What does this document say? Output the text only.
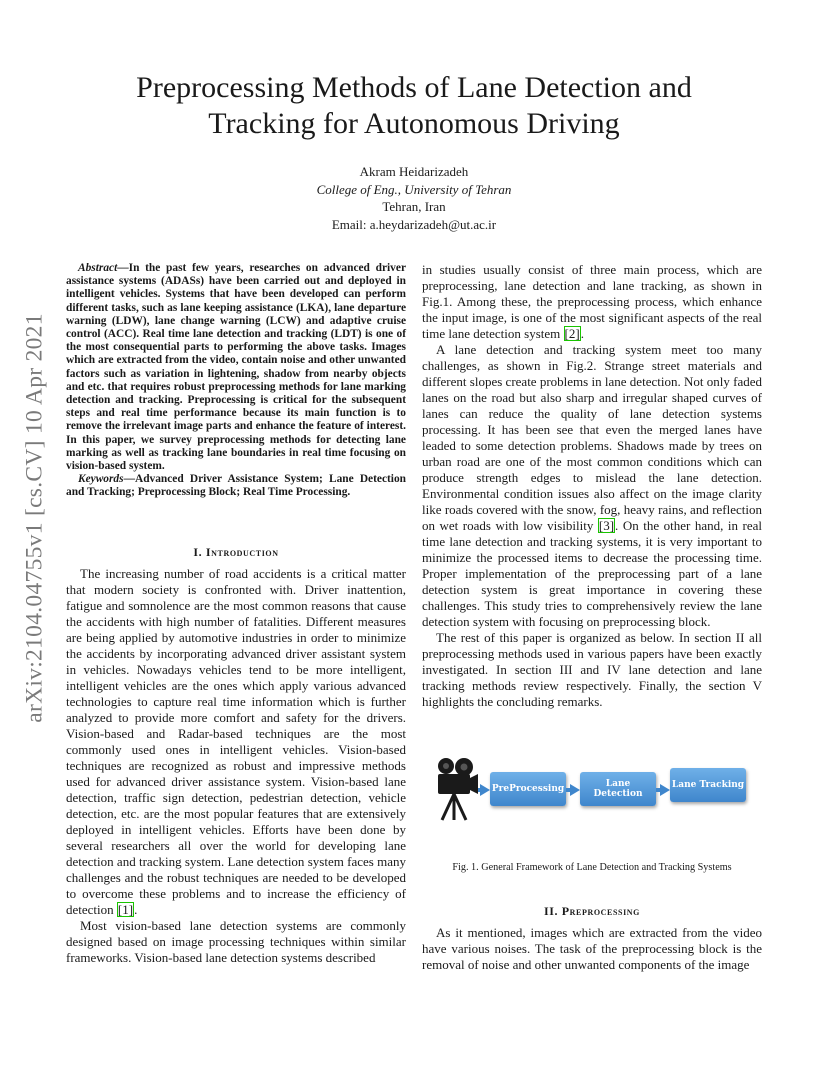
arXiv:2104.04755v1 [cs.CV] 10 Apr 2021
Preprocessing Methods of Lane Detection and Tracking for Autonomous Driving
Akram Heidarizadeh
College of Eng., University of Tehran
Tehran, Iran
Email: a.heydarizadeh@ut.ac.ir

Abstract—In the past few years, researches on advanced driver assistance systems (ADASs) have been carried out and deployed in intelligent vehicles. Systems that have been developed can perform different tasks, such as lane keeping assistance (LKA), lane departure warning (LDW), lane change warning (LCW) and adaptive cruise control (ACC). Real time lane detection and tracking (LDT) is one of the most consequential parts to performing the above tasks. Images which are extracted from the video, contain noise and other unwanted factors such as variation in lightening, shadow from nearby objects and etc. that requires robust preprocessing methods for lane marking detection and tracking. Preprocessing is critical for the subsequent steps and real time performance because its main function is to remove the irrelevant image parts and enhance the feature of interest. In this paper, we survey preprocessing methods for detecting lane marking as well as tracking lane boundaries in real time focusing on vision-based system.

Keywords—Advanced Driver Assistance System; Lane Detection and Tracking; Preprocessing Block; Real Time Processing.

I. Introduction

The increasing number of road accidents is a critical matter that modern society is confronted with. Driver inattention, fatigue and somnolence are the most common reasons that cause the accidents with high number of fatalities. Different measures are being applied by automotive industries in order to minimize the accidents by incorporating advanced driver assistant system in vehicles. Nowadays vehicles tend to be more intelligent, intelligent vehicles are the ones which apply various advanced technologies to capture real time information which is further analyzed to provide more comfort and safety for the drivers. Vision-based and Radar-based techniques are the most commonly used ones in intelligent vehicles. Vision-based techniques are recognized as robust and impressive methods used for advanced driver assistance system. Vision-based lane detection, traffic sign detection, pedestrian detection, vehicle detection, etc. are the most popular features that are extensively deployed in intelligent vehicles. Efforts have been done by several researchers all over the world for developing lane detection and tracking system. Lane detection system faces many challenges and the robust techniques are needed to be developed to overcome these problems and to increase the efficiency of detection [1].

Most vision-based lane detection systems are commonly designed based on image processing techniques within similar frameworks. Vision-based lane detection systems described

in studies usually consist of three main process, which are preprocessing, lane detection and lane tracking, as shown in Fig.1. Among these, the preprocessing process, which enhance the input image, is one of the most significant aspects of the real time lane detection system [2].

A lane detection and tracking system meet too many challenges, as shown in Fig.2. Strange street materials and different slopes create problems in lane detection. Not only faded lanes on the road but also sharp and irregular shaped curves of lanes can reduce the quality of lane detection systems processing. It has been see that even the merged lanes have leaded to some detection problems. Shadows made by trees on urban road are one of the most common conditions which can produce strength edges to mislead the lane detection. Environmental condition issues also affect on the image clarity like roads covered with the snow, fog, heavy rains, and reflection on wet roads with low visibility [3]. On the other hand, in real time lane detection and tracking systems, it is very important to minimize the processed items to decrease the processing time. Proper implementation of the preprocessing part of a lane detection system is great importance in covering these challenges. This study tries to comprehensively review the lane detection system with focusing on preprocessing block.

The rest of this paper is organized as below. In section II all preprocessing methods used in various papers have been exactly investigated. In section III and IV lane detection and lane tracking methods review respectively. Finally, the section V highlights the concluding remarks.

PreProcessing	Lane Detection
Lane Tracking
Fig. 1. General Framework of Lane Detection and Tracking Systems
II. Preprocessing

As it mentioned, images which are extracted from the video have various noises. The task of the preprocessing block is the removal of noise and other unwanted components of the image
